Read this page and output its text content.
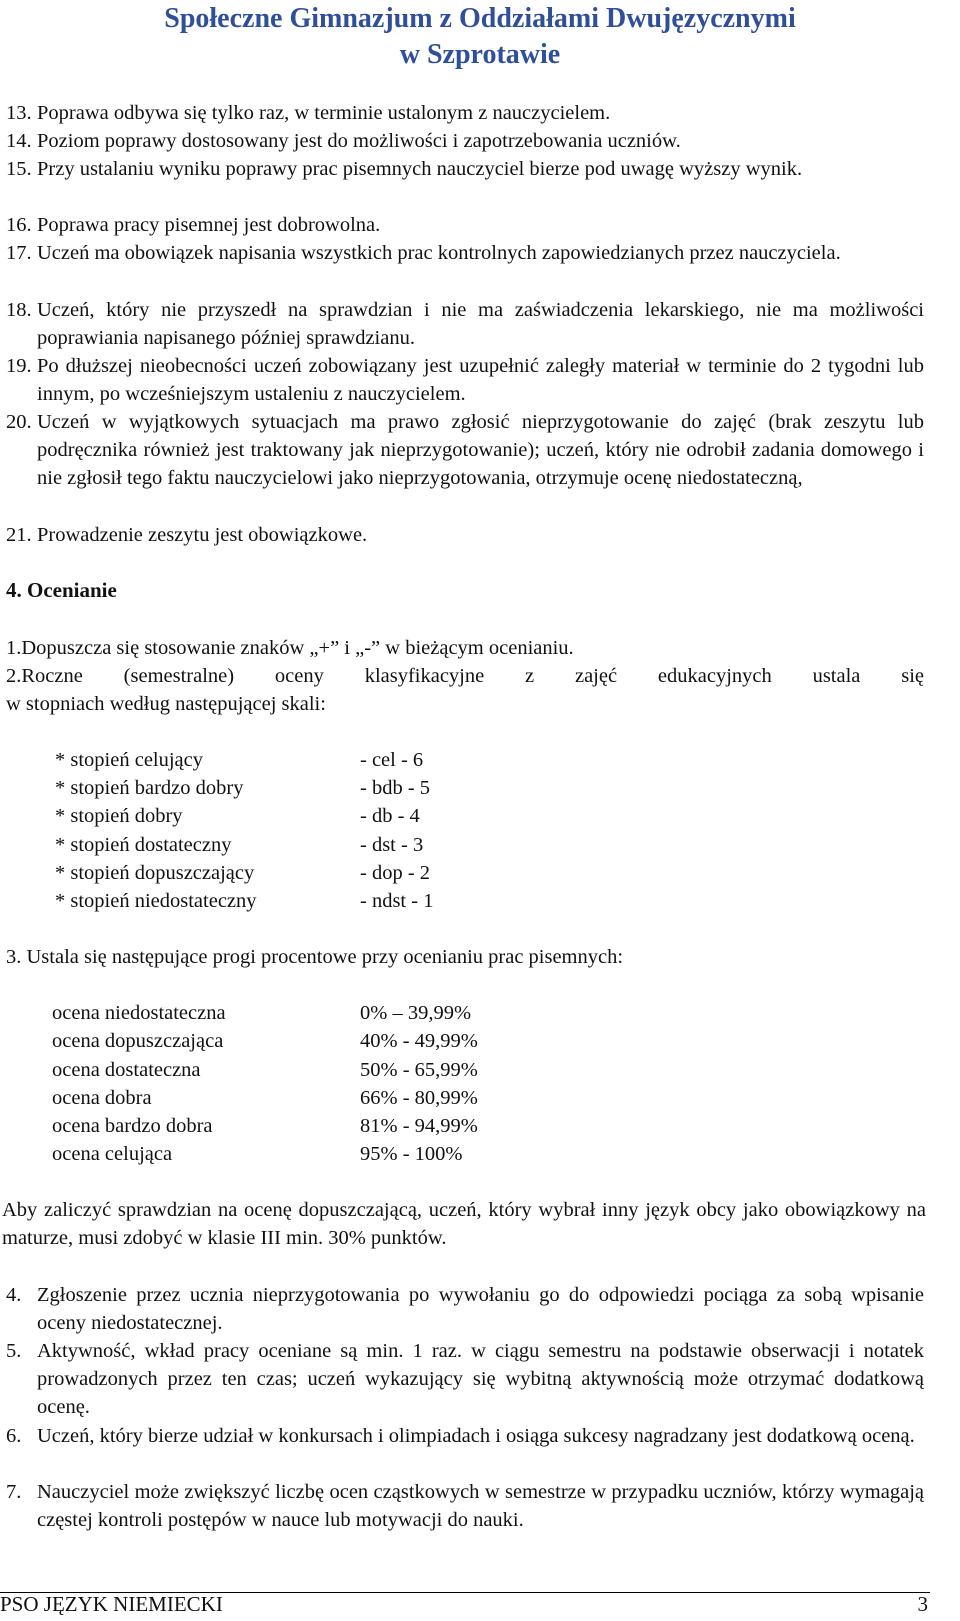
Społeczne Gimnazjum z Oddziałami Dwujęzycznymi
w Szprotawie
13. Poprawa odbywa się tylko raz, w terminie ustalonym z nauczycielem.
14. Poziom poprawy dostosowany jest do możliwości i zapotrzebowania uczniów.
15. Przy ustalaniu wyniku poprawy prac pisemnych nauczyciel bierze pod uwagę wyższy wynik.
16. Poprawa pracy pisemnej jest dobrowolna.
17. Uczeń ma obowiązek napisania wszystkich prac kontrolnych zapowiedzianych przez nauczyciela.
18. Uczeń, który nie przyszedł na sprawdzian i nie ma zaświadczenia lekarskiego, nie ma możliwości poprawiania napisanego później sprawdzianu.
19. Po dłuższej nieobecności uczeń zobowiązany jest uzupełnić zaległy materiał w terminie do 2 tygodni lub innym, po wcześniejszym ustaleniu z nauczycielem.
20. Uczeń w wyjątkowych sytuacjach ma prawo zgłosić nieprzygotowanie do zajęć (brak zeszytu lub podręcznika również jest traktowany jak nieprzygotowanie); uczeń, który nie odrobił zadania domowego i nie zgłosił tego faktu nauczycielowi jako nieprzygotowania, otrzymuje ocenę niedostateczną,
21. Prowadzenie zeszytu jest obowiązkowe.
4. Ocenianie
1.Dopuszcza się stosowanie znaków „+” i „-” w bieżącym ocenianiu.
2.Roczne (semestralne) oceny klasyfikacyjne z zajęć edukacyjnych ustala się
w stopniach według następującej skali:
* stopień celujący	- cel - 6
* stopień bardzo dobry	- bdb - 5
* stopień dobry	- db - 4
* stopień dostateczny	- dst - 3
* stopień dopuszczający	- dop - 2
* stopień niedostateczny	- ndst - 1
3. Ustala się następujące progi procentowe przy ocenianiu prac pisemnych:
ocena niedostateczna	0% – 39,99%
ocena dopuszczająca	40% - 49,99%
ocena dostateczna	50% - 65,99%
ocena dobra	66% - 80,99%
ocena bardzo dobra	81% - 94,99%
ocena celująca	95% - 100%
Aby zaliczyć sprawdzian na ocenę dopuszczającą, uczeń, który wybrał inny język obcy jako obowiązkowy na maturze, musi zdobyć w klasie III min. 30% punktów.
4. Zgłoszenie przez ucznia nieprzygotowania po wywołaniu go do odpowiedzi pociąga za sobą wpisanie oceny niedostatecznej.
5. Aktywność, wkład pracy oceniane są min. 1 raz. w ciągu semestru na podstawie obserwacji i notatek prowadzonych przez ten czas; uczeń wykazujący się wybitną aktywnością może otrzymać dodatkową ocenę.
6. Uczeń, który bierze udział w konkursach i olimpiadach i osiąga sukcesy nagradzany jest dodatkową oceną.
7. Nauczyciel może zwiększyć liczbę ocen cząstkowych w semestrze w przypadku uczniów, którzy wymagają częstej kontroli postępów w nauce lub motywacji do nauki.
PSO JĘZYK NIEMIECKI	3
